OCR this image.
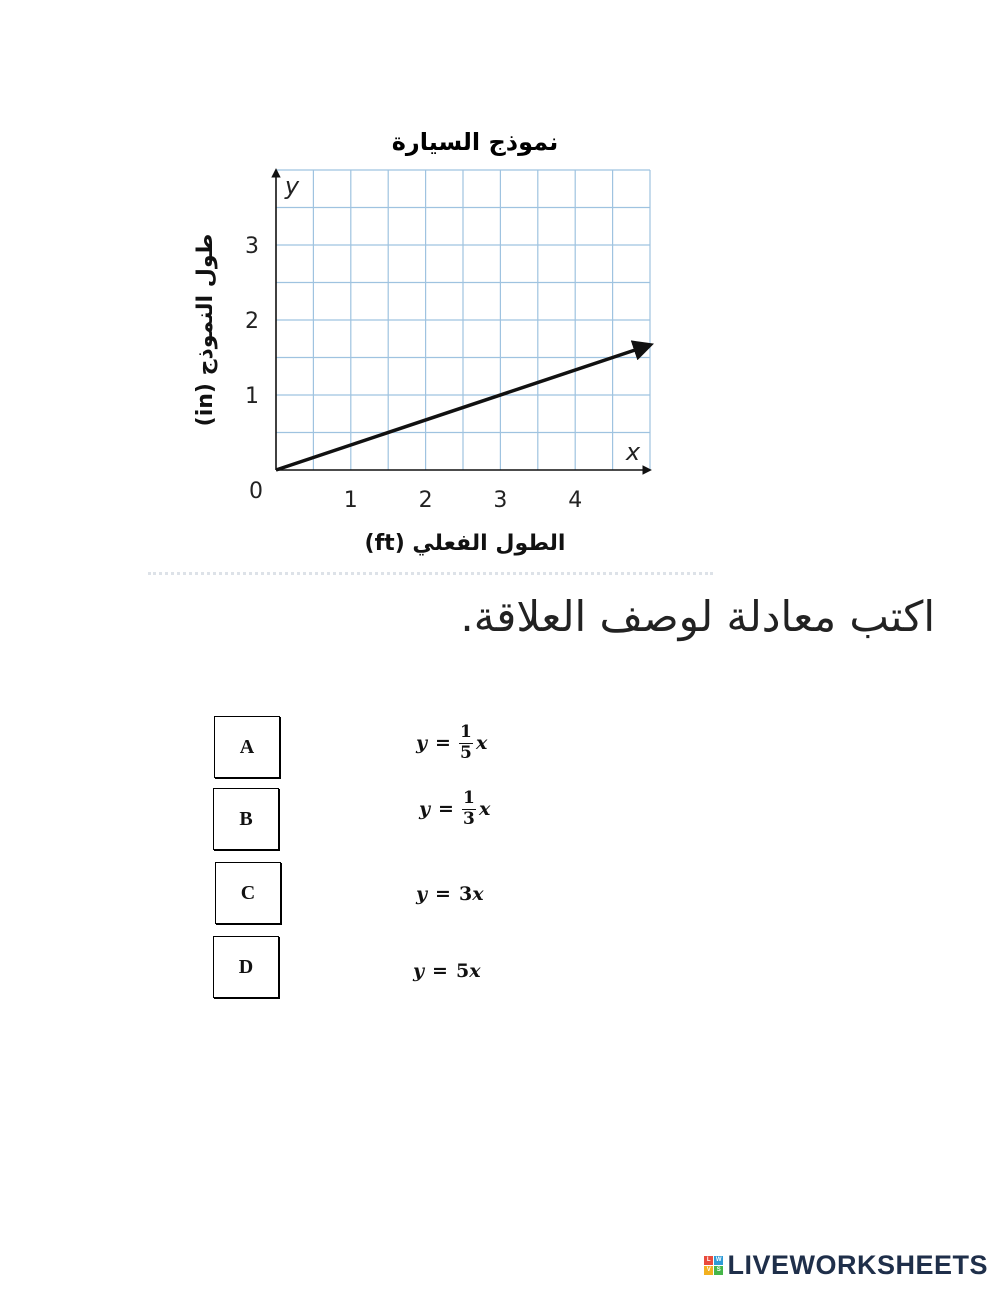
نموذج السيارة
0
x
y
1	2	3	4
1
2
3
الطول الفعلي (ft)
طول النموذج (in)
اكتب معادلة لوصف العلاقة.
A	$y = \frac{1}{5}$ x
B	$y = \frac{1}{3}$ x
C	y = 3 x
D	y = 5 x
L W
V S LIVEWORKSHEETS
